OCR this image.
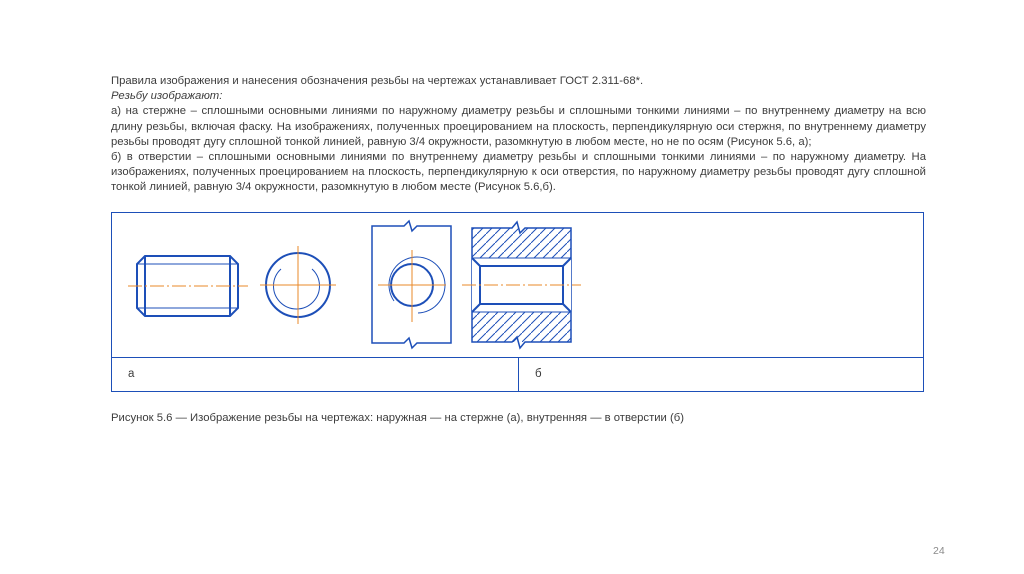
Правила изображения и нанесения обозначения резьбы на чертежах устанавливает ГОСТ 2.311-68*.

Резьбу изображают:

а) на стержне – сплошными основными линиями по наружному диаметру резьбы и сплошными тонкими линиями – по внутреннему диаметру на всю длину резьбы, включая фаску. На изображениях, полученных проецированием на плоскость, перпендикулярную оси стержня, по внутреннему диаметру резьбы проводят дугу сплошной тонкой линией, равную 3/4 окружности, разомкнутую в любом месте, но не по осям (Рисунок 5.6, а);

б) в отверстии – сплошными основными линиями по внутреннему диаметру резьбы и сплошными тонкими линиями – по наружному диаметру. На изображениях, полученных проецированием на плоскость, перпендикулярную к оси отверстия, по наружному диаметру резьбы проводят дугу сплошной тонкой линией, равную 3/4 окружности, разомкнутую в любом месте (Рисунок 5.6,б).

а	б
Рисунок 5.6 — Изображение резьбы на чертежах: наружная — на стержне (а), внутренняя — в отверстии (б)
24
